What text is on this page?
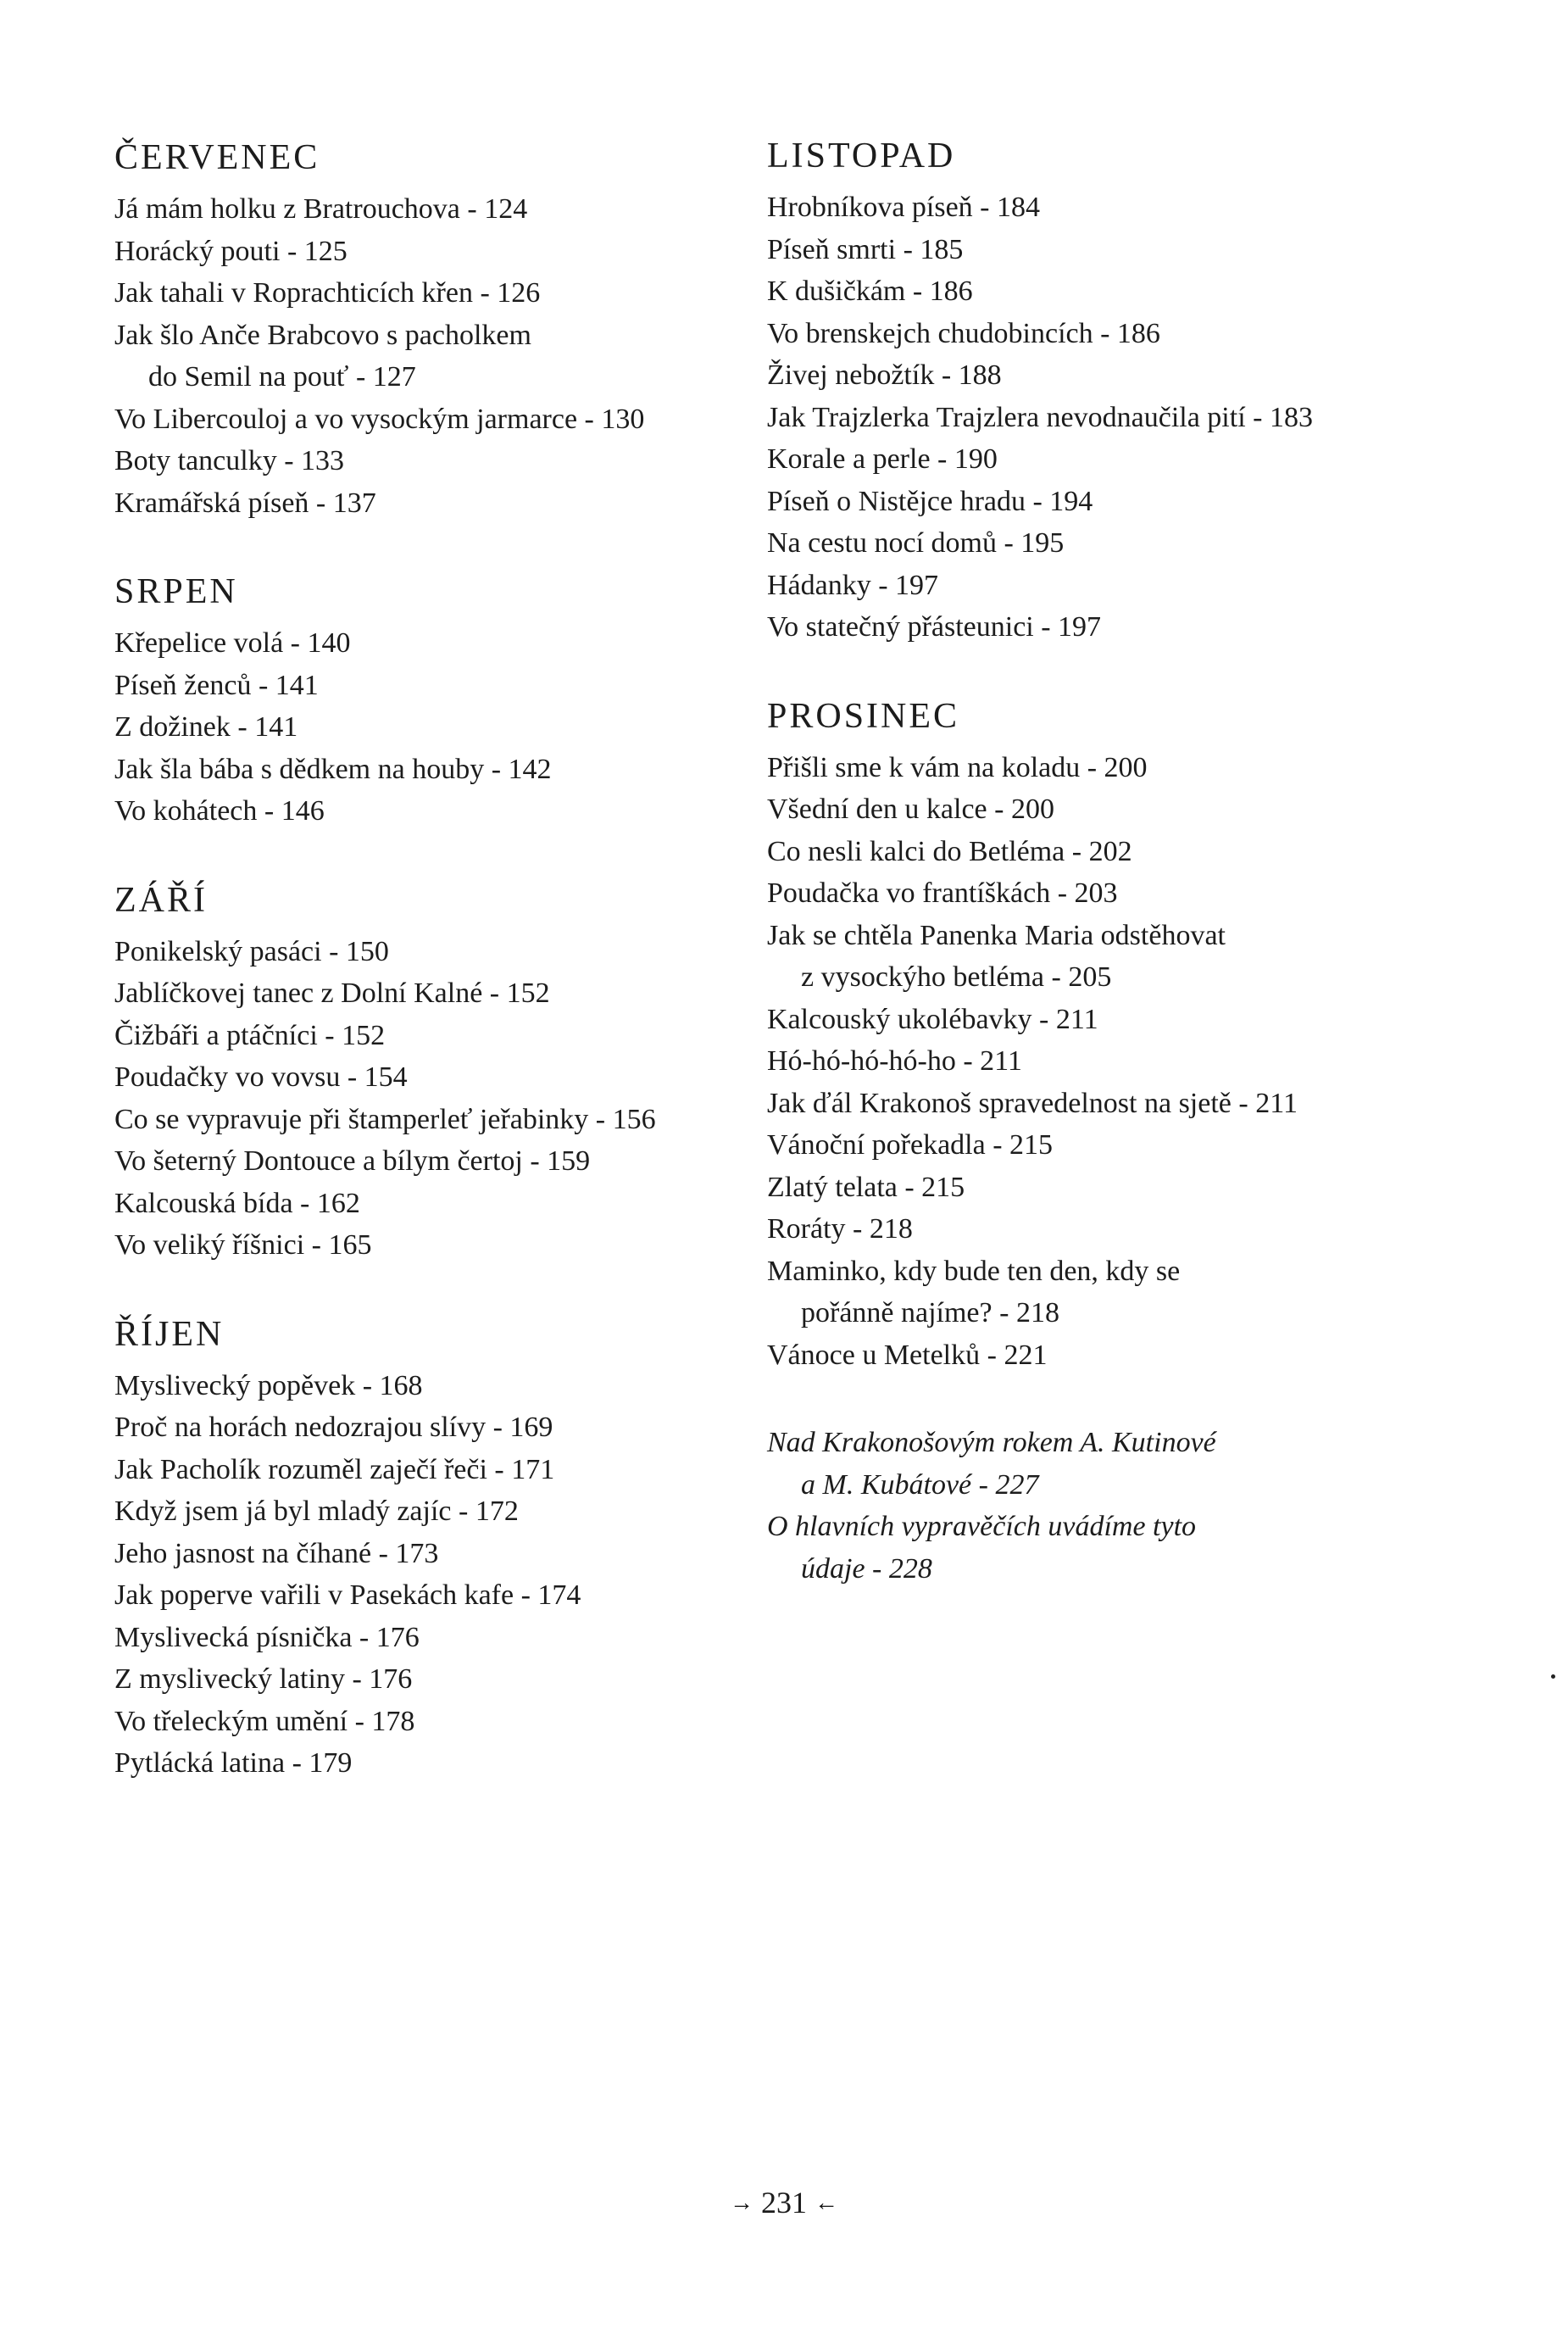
ČERVENEC
Já mám holku z Bratrouchova - 124
Horácký pouti - 125
Jak tahali v Roprachticích křen - 126
Jak šlo Anče Brabcovo s pacholkem
do Semil na pouť - 127
Vo Libercouloj a vo vysockým jarmarce - 130
Boty tanculky - 133
Kramářská píseň - 137
SRPEN
Křepelice volá - 140
Píseň ženců - 141
Z dožinek - 141
Jak šla bába s dědkem na houby - 142
Vo kohátech - 146
ZÁŘÍ
Ponikelský pasáci - 150
Jablíčkovej tanec z Dolní Kalné - 152
Čižbáři a ptáčníci - 152
Poudačky vo vovsu - 154
Co se vypravuje při štamperleť jeřabinky - 156
Vo šeterný Dontouce a bílym čertoj - 159
Kalcouská bída - 162
Vo veliký říšnici - 165
ŘÍJEN
Myslivecký popěvek - 168
Proč na horách nedozrajou slívy - 169
Jak Pacholík rozuměl zaječí řeči - 171
Když jsem já byl mladý zajíc - 172
Jeho jasnost na číhané - 173
Jak poperve vařili v Pasekách kafe - 174
Myslivecká písnička - 176
Z myslivecký latiny - 176
Vo třeleckým umění - 178
Pytlácká latina - 179
LISTOPAD
Hrobníkova píseň - 184
Píseň smrti - 185
K dušičkám - 186
Vo brenskejch chudobincích - 186
Živej nebožtík - 188
Jak Trajzlerka Trajzlera nevodnaučila pití - 183
Korale a perle - 190
Píseň o Nistějce hradu - 194
Na cestu nocí domů - 195
Hádanky - 197
Vo statečný přásteunici - 197
PROSINEC
Přišli sme k vám na koladu - 200
Všední den u kalce - 200
Co nesli kalci do Betléma - 202
Poudačka vo frantíškách - 203
Jak se chtěla Panenka Maria odstěhovat
z vysockýho betléma - 205
Kalcouský ukolébavky - 211
Hó-hó-hó-hó-ho - 211
Jak ďál Krakonoš spravedelnost na sjetě - 211
Vánoční pořekadla - 215
Zlatý telata - 215
Roráty - 218
Maminko, kdy bude ten den, kdy se
pořánně najíme? - 218
Vánoce u Metelků - 221
Nad Krakonošovým rokem A. Kutinové
a M. Kubátové - 227
O hlavních vypravěčích uvádíme tyto
údaje - 228
→ 231 ←
